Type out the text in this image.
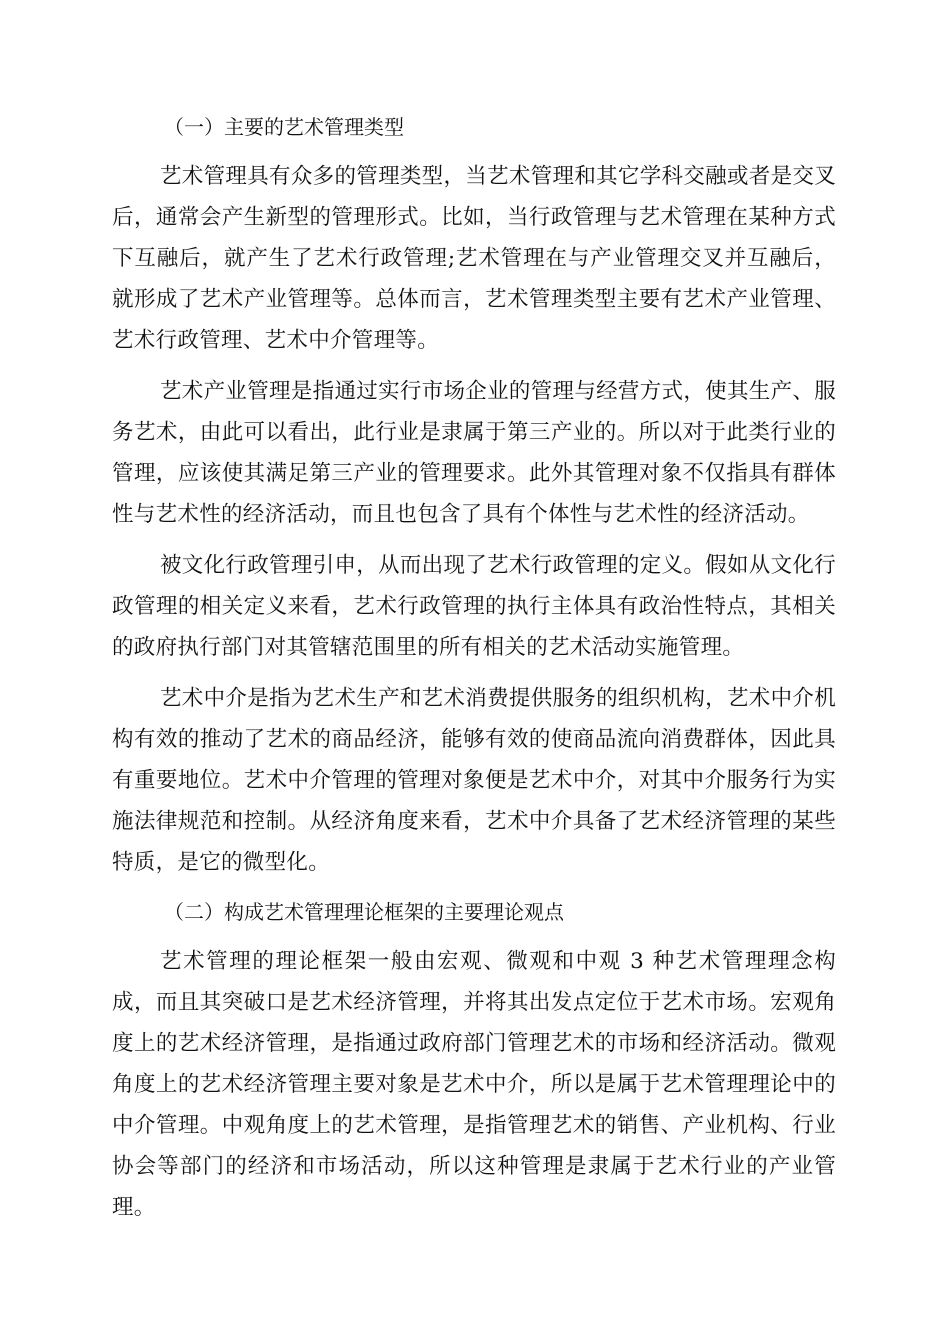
（一）主要的艺术管理类型

艺术管理具有众多的管理类型，当艺术管理和其它学科交融或者是交叉后，通常会产生新型的管理形式。比如，当行政管理与艺术管理在某种方式下互融后，就产生了艺术行政管理;艺术管理在与产业管理交叉并互融后，就形成了艺术产业管理等。总体而言，艺术管理类型主要有艺术产业管理、艺术行政管理、艺术中介管理等。

艺术产业管理是指通过实行市场企业的管理与经营方式，使其生产、服务艺术，由此可以看出，此行业是隶属于第三产业的。所以对于此类行业的管理，应该使其满足第三产业的管理要求。此外其管理对象不仅指具有群体性与艺术性的经济活动，而且也包含了具有个体性与艺术性的经济活动。

被文化行政管理引申，从而出现了艺术行政管理的定义。假如从文化行政管理的相关定义来看，艺术行政管理的执行主体具有政治性特点，其相关的政府执行部门对其管辖范围里的所有相关的艺术活动实施管理。

艺术中介是指为艺术生产和艺术消费提供服务的组织机构，艺术中介机构有效的推动了艺术的商品经济，能够有效的使商品流向消费群体，因此具有重要地位。艺术中介管理的管理对象便是艺术中介，对其中介服务行为实施法律规范和控制。从经济角度来看，艺术中介具备了艺术经济管理的某些特质，是它的微型化。

（二）构成艺术管理理论框架的主要理论观点

艺术管理的理论框架一般由宏观、微观和中观 3 种艺术管理理念构成，而且其突破口是艺术经济管理，并将其出发点定位于艺术市场。宏观角度上的艺术经济管理，是指通过政府部门管理艺术的市场和经济活动。微观角度上的艺术经济管理主要对象是艺术中介，所以是属于艺术管理理论中的中介管理。中观角度上的艺术管理，是指管理艺术的销售、产业机构、行业协会等部门的经济和市场活动，所以这种管理是隶属于艺术行业的产业管理。
